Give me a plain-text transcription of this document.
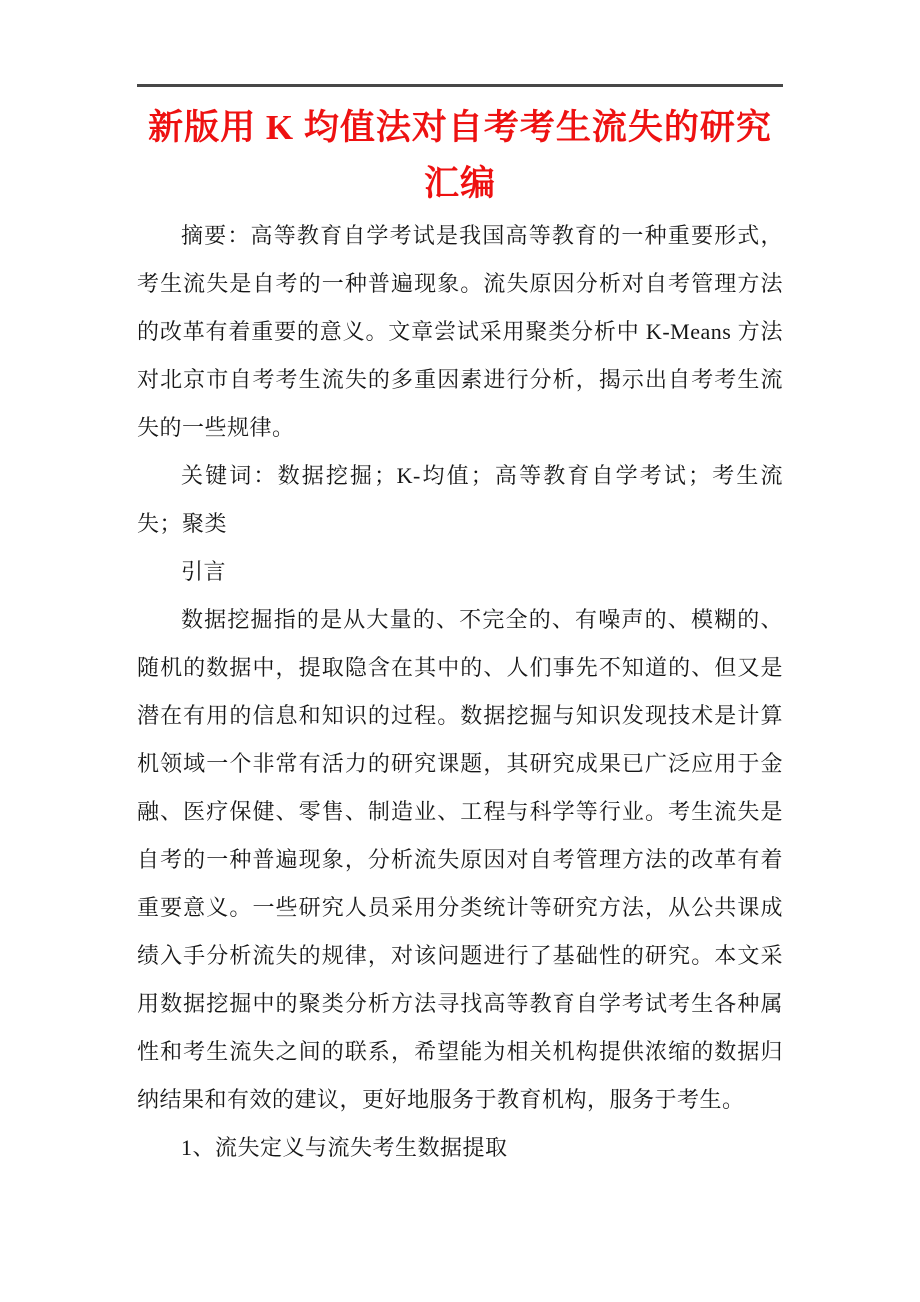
新版用 K 均值法对自考考生流失的研究汇编

摘要：高等教育自学考试是我国高等教育的一种重要形式，考生流失是自考的一种普遍现象。流失原因分析对自考管理方法的改革有着重要的意义。文章尝试采用聚类分析中 K-Means 方法对北京市自考考生流失的多重因素进行分析，揭示出自考考生流失的一些规律。

关键词：数据挖掘；K-均值；高等教育自学考试；考生流失；聚类

引言

数据挖掘指的是从大量的、不完全的、有噪声的、模糊的、随机的数据中，提取隐含在其中的、人们事先不知道的、但又是潜在有用的信息和知识的过程。数据挖掘与知识发现技术是计算机领域一个非常有活力的研究课题，其研究成果已广泛应用于金融、医疗保健、零售、制造业、工程与科学等行业。考生流失是自考的一种普遍现象，分析流失原因对自考管理方法的改革有着重要意义。一些研究人员采用分类统计等研究方法，从公共课成绩入手分析流失的规律，对该问题进行了基础性的研究。本文采用数据挖掘中的聚类分析方法寻找高等教育自学考试考生各种属性和考生流失之间的联系，希望能为相关机构提供浓缩的数据归纳结果和有效的建议，更好地服务于教育机构，服务于考生。

1、流失定义与流失考生数据提取
